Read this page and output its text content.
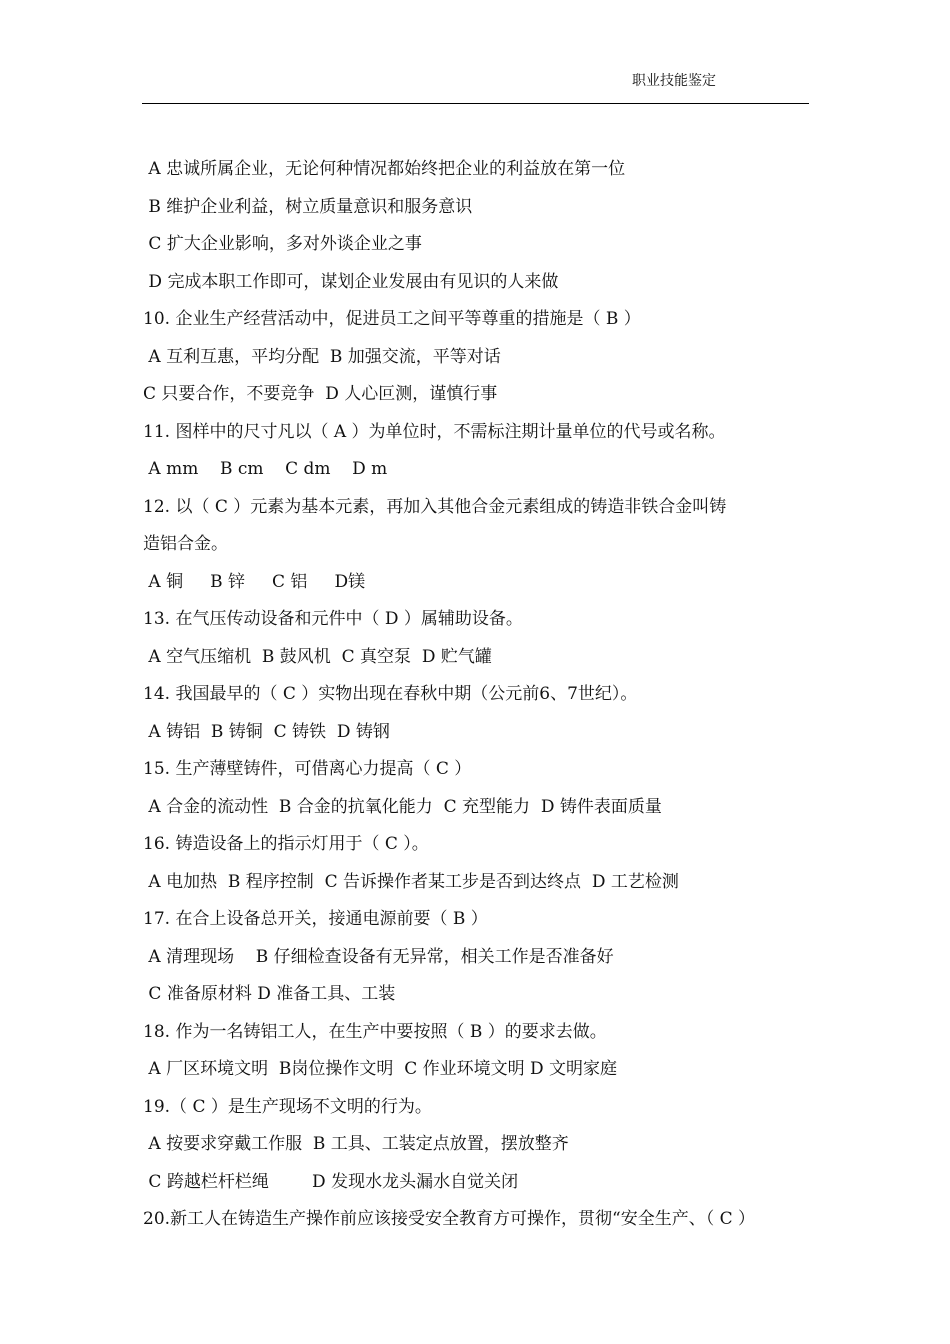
职业技能鉴定
A 忠诚所属企业，无论何种情况都始终把企业的利益放在第一位
B 维护企业利益，树立质量意识和服务意识
C 扩大企业影响，多对外谈企业之事
D 完成本职工作即可，谋划企业发展由有见识的人来做
10. 企业生产经营活动中，促进员工之间平等尊重的措施是（ B ）
A 互利互惠，平均分配  B 加强交流，平等对话
C 只要合作，不要竞争  D 人心叵测，谨慎行事
11. 图样中的尺寸凡以（ A ）为单位时，不需标注期计量单位的代号或名称。
A mm    B cm    C dm    D m
12. 以（ C ）元素为基本元素，再加入其他合金元素组成的铸造非铁合金叫铸
造铝合金。
A 铜     B 锌     C 铝     D镁
13. 在气压传动设备和元件中（ D ）属辅助设备。
A 空气压缩机  B 鼓风机  C 真空泵  D 贮气罐
14. 我国最早的（ C ）实物出现在春秋中期（公元前6、7世纪）。
A 铸铝  B 铸铜  C 铸铁  D 铸钢
15. 生产薄壁铸件，可借离心力提高（ C ）
A 合金的流动性  B 合金的抗氧化能力  C 充型能力  D 铸件表面质量
16. 铸造设备上的指示灯用于（ C ）。
A 电加热  B 程序控制  C 告诉操作者某工步是否到达终点  D 工艺检测
17. 在合上设备总开关，接通电源前要（ B ）
A 清理现场    B 仔细检查设备有无异常，相关工作是否准备好
C 准备原材料 D 准备工具、工装
18. 作为一名铸铝工人，在生产中要按照（ B ）的要求去做。
A 厂区环境文明  B岗位操作文明  C 作业环境文明 D 文明家庭
19.（ C ）是生产现场不文明的行为。
A 按要求穿戴工作服  B 工具、工装定点放置，摆放整齐
C 跨越栏杆栏绳        D 发现水龙头漏水自觉关闭
20.新工人在铸造生产操作前应该接受安全教育方可操作，贯彻“安全生产、（ C ）
